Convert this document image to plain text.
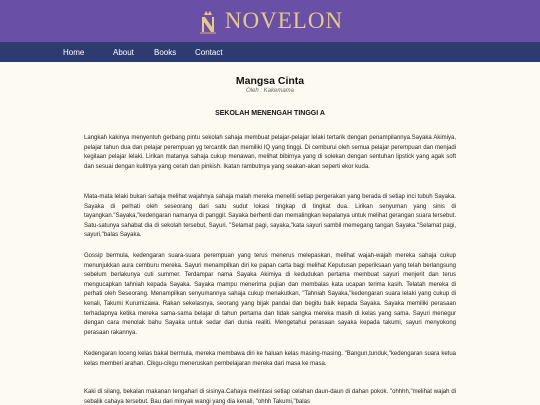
NOVELON
Home	About	Books	Contact
Mangsa Cinta
Oleh : Kakemama
SEKOLAH MENENGAH TINGGI A

Langkah kakinya menyentuh gerbang pintu sekolah sahaja membuat pelajar-pelajar lelaki tertarik dengan penampilannya.Sayaka Akimiya, pelajar tahun dua dan pelajar perempuan yg tercantik dan memiliki IQ yang tinggi. Di cemburui oleh semua pelajar perempuan dan menjadi kegilaan pelajar lelaki. Lirikan matanya sahaja cukup menawan, melihat bibirnya yang di solekan dengan sentuhan lipstick yang agak soft dan sesuai dengan kulitnya yang cerah dan pinkish. Ikatan rambutnya yang seakan-akan seperti ekor kuda.

Mata-mata lelaki bukan sahaja melihat wajahnya sahaja malah mereka meneliti setiap pergerakan yang berada di setiap inci tubuh Sayaka. Sayaka di perhati oleh seseorang dari satu sudut lokasi tingkap di tingkat dua. Lirikan senyuman yang sinis di tayangkan."Sayaka,"kedengaran namanya di panggil. Sayaka berhenti dan memalingkan kepalanya untuk melihat gerangan suara tersebut. Satu-satunya sahabat dia di sekolah tersebut, Sayuri. "Selamat pagi, sayaka,"kata sayuri sambil memegang tangan Sayaka."Selamat pagi, sayuri,"balas Sayaka.

Gossip bermula, kedengaran suara-suara perempuan yang terus menerus melepaskan, melihat wajah-wajah mereka sahaja cukup menunjukkan aura cemburu mereka. Sayuri menampilkan diri ke papan carta bagi melihat Keputusan peperiksaan yang telah berlangsung sebelum berlakunya cuti summer. Terdampar nama Sayaka Akimiya di kedudukan pertama membuat sayuri menjerit dan terus mengucapkan tahniah kepada Sayaka. Sayaka mampu menerima pujian dan membalas kata ucapan terima kasih. Telatah mereka di perhati oleh Seseorang. Menampilkan senyumannya sahaja cukup menakutkan, "Tahniah Sayaka,"kedengaran suara lelaki yang cukup di kenali, Takumi Kurumizawa. Rakan sekelasnya, seorang yang bijak pandai dan begitu baik kepada Sayaka. Sayaka memiliki perasaan terhadapnya ketika mereka sama-sama belajar di tahun pertama dan tidak sangka mereka masih di kelas yang sama. Sayuri menegur dengan cara menolak bahu Sayaka untuk sedar dari dunia realiti. Mengetahui perasaan sayaka kepada takumi, sayuri menyokong perasaan rakannya.

Kedengaran loceng kelas bakal bermula, mereka membawa diri ke haluan kelas masing-masing. "Bangun,tunduk,"kedengaran suara ketua kelas memberi arahan. Cikgu-cikgu meneruskan pembelajaran mereka dari masa ke masa.

Kaki di silang, bekalan makanan tengahari di sisinya.Cahaya melintasi setiap celahan daun-daun di dahan pokok. "ohhhh,"melihat wajah di sebalik cahaya tersebut. Bau dari minyak wangi yang dia kenali, "ohhh Takumi,"balas
